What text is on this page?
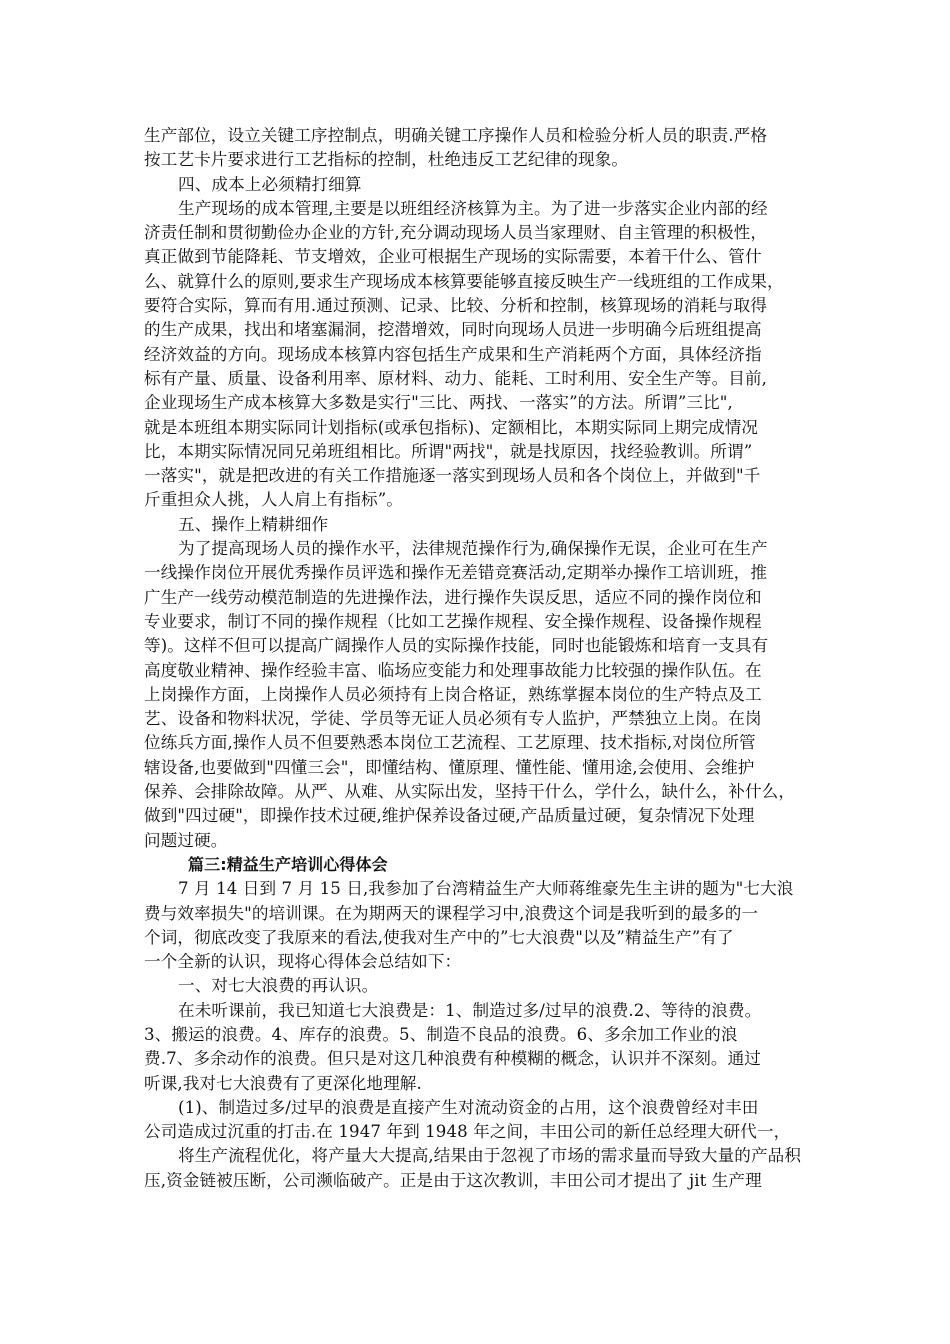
生产部位，设立关键工序控制点，明确关键工序操作人员和检验分析人员的职责.严格
按工艺卡片要求进行工艺指标的控制，杜绝违反工艺纪律的现象。
四、成本上必须精打细算
生产现场的成本管理,主要是以班组经济核算为主。为了进一步落实企业内部的经
济责任制和贯彻勤俭办企业的方针,充分调动现场人员当家理财、自主管理的积极性，
真正做到节能降耗、节支增效，企业可根据生产现场的实际需要，本着干什么、管什
么、就算什么的原则,要求生产现场成本核算要能够直接反映生产一线班组的工作成果，
要符合实际，算而有用.通过预测、记录、比较、分析和控制，核算现场的消耗与取得
的生产成果，找出和堵塞漏洞，挖潜增效，同时向现场人员进一步明确今后班组提高
经济效益的方向。现场成本核算内容包括生产成果和生产消耗两个方面，具体经济指
标有产量、质量、设备利用率、原材料、动力、能耗、工时利用、安全生产等。目前,
企业现场生产成本核算大多数是实行"三比、两找、一落实”的方法。所谓”三比",
就是本班组本期实际同计划指标(或承包指标)、定额相比，本期实际同上期完成情况
比，本期实际情况同兄弟班组相比。所谓"两找"，就是找原因，找经验教训。所谓”
一落实"，就是把改进的有关工作措施逐一落实到现场人员和各个岗位上，并做到"千
斤重担众人挑，人人肩上有指标”。
五、操作上精耕细作
为了提高现场人员的操作水平，法律规范操作行为,确保操作无误，企业可在生产
一线操作岗位开展优秀操作员评选和操作无差错竞赛活动,定期举办操作工培训班，推
广生产一线劳动模范制造的先进操作法，进行操作失误反思，适应不同的操作岗位和
专业要求，制订不同的操作规程（比如工艺操作规程、安全操作规程、设备操作规程
等)。这样不但可以提高广阔操作人员的实际操作技能，同时也能锻炼和培育一支具有
高度敬业精神、操作经验丰富、临场应变能力和处理事故能力比较强的操作队伍。在
上岗操作方面，上岗操作人员必须持有上岗合格证，熟练掌握本岗位的生产特点及工
艺、设备和物料状况，学徒、学员等无证人员必须有专人监护，严禁独立上岗。在岗
位练兵方面,操作人员不但要熟悉本岗位工艺流程、工艺原理、技术指标,对岗位所管
辖设备,也要做到"四懂三会"，即懂结构、懂原理、懂性能、懂用途,会使用、会维护
保养、会排除故障。从严、从难、从实际出发，坚持干什么，学什么，缺什么，补什么，
做到"四过硬"，即操作技术过硬,维护保养设备过硬,产品质量过硬，复杂情况下处理
问题过硬。
篇三:精益生产培训心得体会
7 月 14 日到 7 月 15 日,我参加了台湾精益生产大师蒋维豪先生主讲的题为"七大浪
费与效率损失"的培训课。在为期两天的课程学习中,浪费这个词是我听到的最多的一
个词，彻底改变了我原来的看法,使我对生产中的”七大浪费"以及”精益生产”有了
一个全新的认识，现将心得体会总结如下：
一、对七大浪费的再认识。
在未听课前，我已知道七大浪费是：1、制造过多/过早的浪费.2、等待的浪费。
3、搬运的浪费。4、库存的浪费。5、制造不良品的浪费。6、多余加工作业的浪
费.7、多余动作的浪费。但只是对这几种浪费有种模糊的概念，认识并不深刻。通过
听课,我对七大浪费有了更深化地理解.
(1)、制造过多/过早的浪费是直接产生对流动资金的占用，这个浪费曾经对丰田
公司造成过沉重的打击.在 1947 年到 1948 年之间，丰田公司的新任总经理大研代一，
将生产流程优化，将产量大大提高,结果由于忽视了市场的需求量而导致大量的产品积
压,资金链被压断，公司濒临破产。正是由于这次教训，丰田公司才提出了 jit 生产理
